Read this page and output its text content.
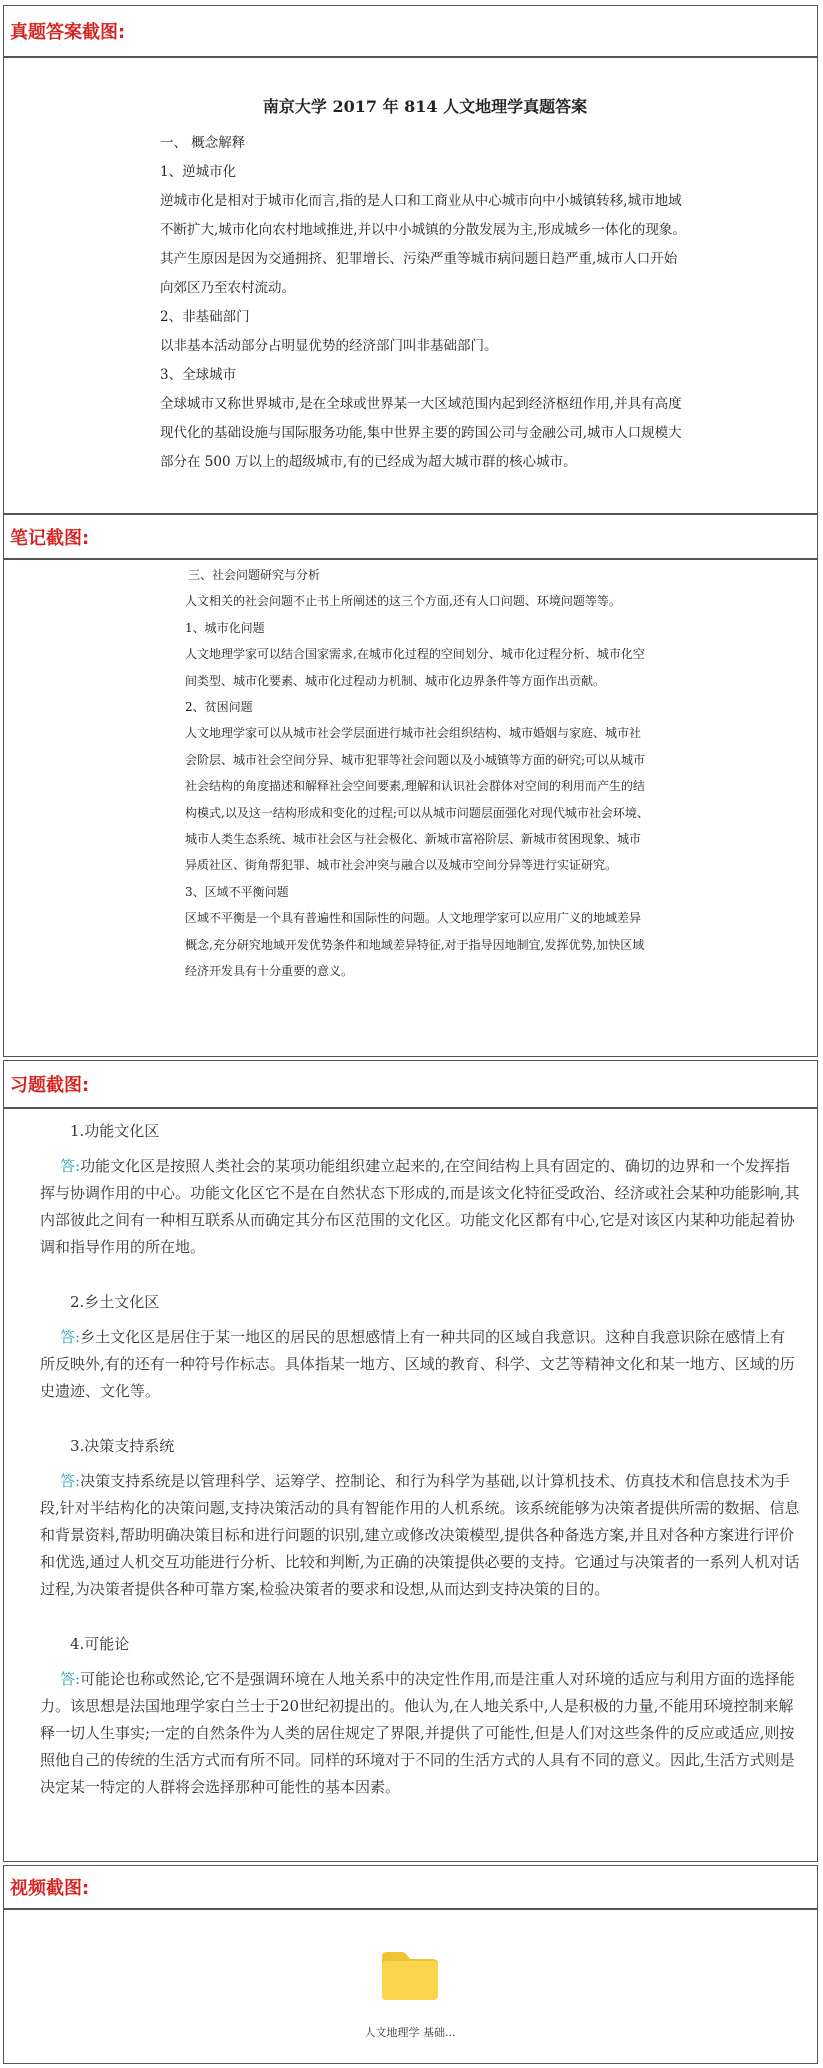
真题答案截图:

南京大学 2017 年 814 人文地理学真题答案

一、 概念解释

1、逆城市化

逆城市化是相对于城市化而言,指的是人口和工商业从中心城市向中小城镇转移,城市地域不断扩大,城市化向农村地域推进,并以中小城镇的分散发展为主,形成城乡一体化的现象。其产生原因是因为交通拥挤、犯罪增长、污染严重等城市病问题日趋严重,城市人口开始向郊区乃至农村流动。

2、非基础部门

以非基本活动部分占明显优势的经济部门叫非基础部门。

3、全球城市

全球城市又称世界城市,是在全球或世界某一大区域范围内起到经济枢纽作用,并具有高度现代化的基础设施与国际服务功能,集中世界主要的跨国公司与金融公司,城市人口规模大部分在 500 万以上的超级城市,有的已经成为超大城市群的核心城市。

笔记截图:

三、社会问题研究与分析

人文相关的社会问题不止书上所阐述的这三个方面,还有人口问题、环境问题等等。

1、城市化问题

人文地理学家可以结合国家需求,在城市化过程的空间划分、城市化过程分析、城市化空间类型、城市化要素、城市化过程动力机制、城市化边界条件等方面作出贡献。

2、贫困问题

人文地理学家可以从城市社会学层面进行城市社会组织结构、城市婚姻与家庭、城市社会阶层、城市社会空间分异、城市犯罪等社会问题以及小城镇等方面的研究;可以从城市社会结构的角度描述和解释社会空间要素,理解和认识社会群体对空间的利用而产生的结构模式,以及这一结构形成和变化的过程;可以从城市问题层面强化对现代城市社会环境、城市人类生态系统、城市社会区与社会极化、新城市富裕阶层、新城市贫困现象、城市异质社区、街角帮犯罪、城市社会冲突与融合以及城市空间分异等进行实证研究。

3、区域不平衡问题

区域不平衡是一个具有普遍性和国际性的问题。人文地理学家可以应用广义的地域差异概念,充分研究地域开发优势条件和地域差异特征,对于指导因地制宜,发挥优势,加快区域经济开发具有十分重要的意义。

习题截图:

1.功能文化区

答:功能文化区是按照人类社会的某项功能组织建立起来的,在空间结构上具有固定的、确切的边界和一个发挥指挥与协调作用的中心。功能文化区它不是在自然状态下形成的,而是该文化特征受政治、经济或社会某种功能影响,其内部彼此之间有一种相互联系从而确定其分布区范围的文化区。功能文化区都有中心,它是对该区内某种功能起着协调和指导作用的所在地。

2.乡土文化区

答:乡土文化区是居住于某一地区的居民的思想感情上有一种共同的区域自我意识。这种自我意识除在感情上有所反映外,有的还有一种符号作标志。具体指某一地方、区域的教育、科学、文艺等精神文化和某一地方、区域的历史遗迹、文化等。

3.决策支持系统

答:决策支持系统是以管理科学、运筹学、控制论、和行为科学为基础,以计算机技术、仿真技术和信息技术为手段,针对半结构化的决策问题,支持决策活动的具有智能作用的人机系统。该系统能够为决策者提供所需的数据、信息和背景资料,帮助明确决策目标和进行问题的识别,建立或修改决策模型,提供各种备选方案,并且对各种方案进行评价和优选,通过人机交互功能进行分析、比较和判断,为正确的决策提供必要的支持。它通过与决策者的一系列人机对话过程,为决策者提供各种可靠方案,检验决策者的要求和设想,从而达到支持决策的目的。

4.可能论

答:可能论也称或然论,它不是强调环境在人地关系中的决定性作用,而是注重人对环境的适应与利用方面的选择能力。该思想是法国地理学家白兰士于20世纪初提出的。他认为,在人地关系中,人是积极的力量,不能用环境控制来解释一切人生事实;一定的自然条件为人类的居住规定了界限,并提供了可能性,但是人们对这些条件的反应或适应,则按照他自己的传统的生活方式而有所不同。同样的环境对于不同的生活方式的人具有不同的意义。因此,生活方式则是决定某一特定的人群将会选择那种可能性的基本因素。

视频截图:
人文地理学 基础...
